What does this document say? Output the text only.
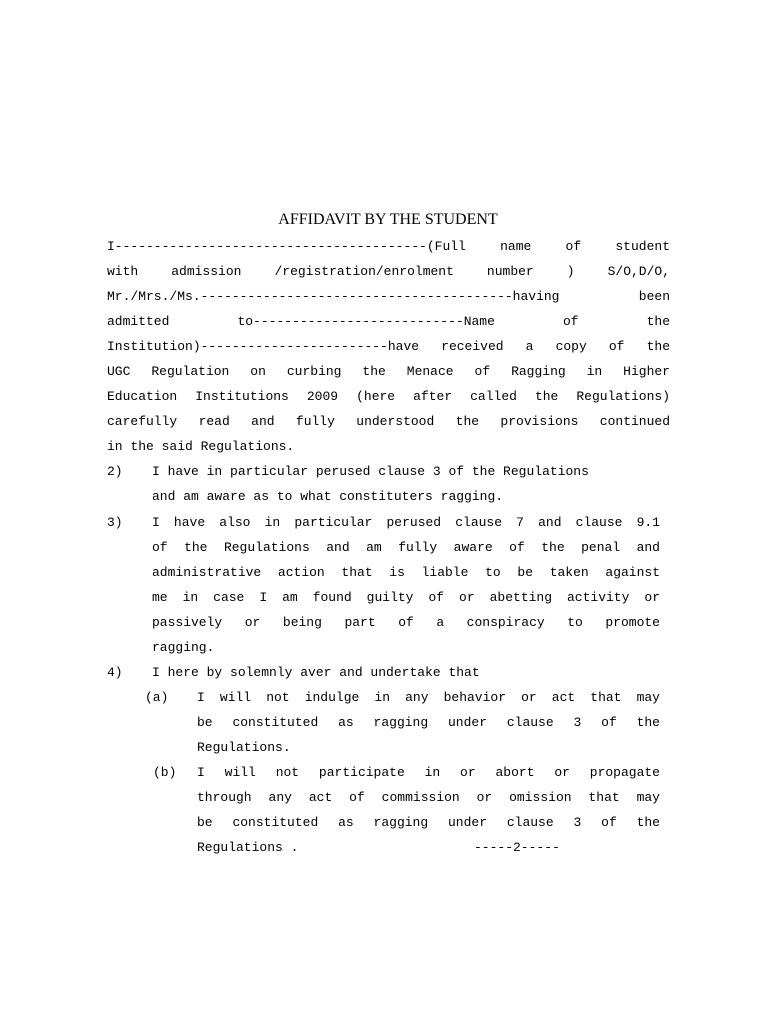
AFFIDAVIT BY THE STUDENT
I----------------------------------------(Full name of student
with admission /registration/enrolment number ) S/O,D/O,
Mr./Mrs./Ms.----------------------------------------having been
admitted to---------------------------Name of the
Institution)------------------------have received a copy of the
UGC Regulation on curbing the Menace of Ragging in Higher
Education Institutions 2009 (here after called the Regulations)
carefully read and fully understood the provisions continued
in the said Regulations.
2) I have in particular perused clause 3 of the Regulations
and am aware as to what constituters ragging.
3) I have also in particular perused clause 7 and clause 9.1
of the Regulations and am fully aware of the penal and
administrative action that is liable to be taken against
me in case I am found guilty of or abetting activity or
passively or being part of a conspiracy to promote
ragging.
4) I here by solemnly aver and undertake that
(a) I will not indulge in any behavior or act that may
be constituted as ragging under clause 3 of the
Regulations.
(b) I will not participate in or abort or propagate
through any act of commission or omission that may
be constituted as ragging under clause 3 of the
Regulations .	-----2-----
